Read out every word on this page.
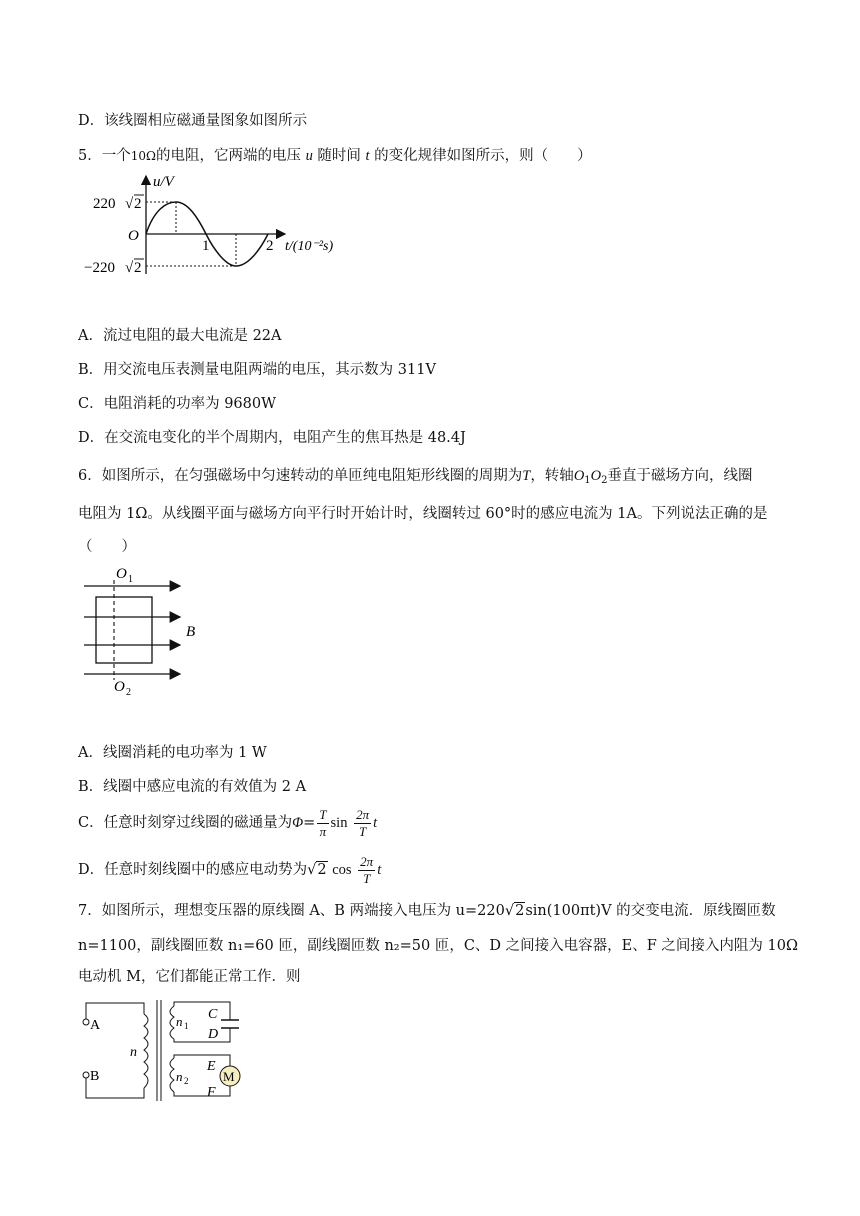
D．该线圈相应磁通量图象如图所示
5．一个10Ω的电阻，它两端的电压 u 随时间 t 的变化规律如图所示，则（　　）
u/V
O
220 √ 2
−220 √ 2
1	2 t/(10⁻²s)
A．流过电阻的最大电流是 22A
B．用交流电压表测量电阻两端的电压，其示数为 311V
C．电阻消耗的功率为 9680W
D．在交流电变化的半个周期内，电阻产生的焦耳热是 48.4J
6．如图所示，在匀强磁场中匀速转动的单匝纯电阻矩形线圈的周期为T，转轴$O_1O_2$垂直于磁场方向，线圈
电阻为 1Ω。从线圈平面与磁场方向平行时开始计时，线圈转过 60°时的感应电流为 1A。下列说法正确的是
（　　）
O 1
O 2
B
A．线圈消耗的电功率为 1 W
B．线圈中感应电流的有效值为 2 A
C．任意时刻穿过线圈的磁通量为$\Phi= \frac{T}{\pi}$ $\sin \frac{2\pi}{T}$ t
D．任意时刻线圈中的感应电动势为√2 $\cos \frac{2\pi}{T}$ t
7．如图所示，理想变压器的原线圈 A、B 两端接入电压为 u=220√2sin(100πt)V 的交变电流．原线圈匝数
n=1100，副线圈匝数 n₁=60 匝，副线圈匝数 n₂=50 匝，C、D 之间接入电容器，E、F 之间接入内阻为 10Ω
电动机 M，它们都能正常工作．则
A
B
n
n 1
C
D
M
n 2
E
F
